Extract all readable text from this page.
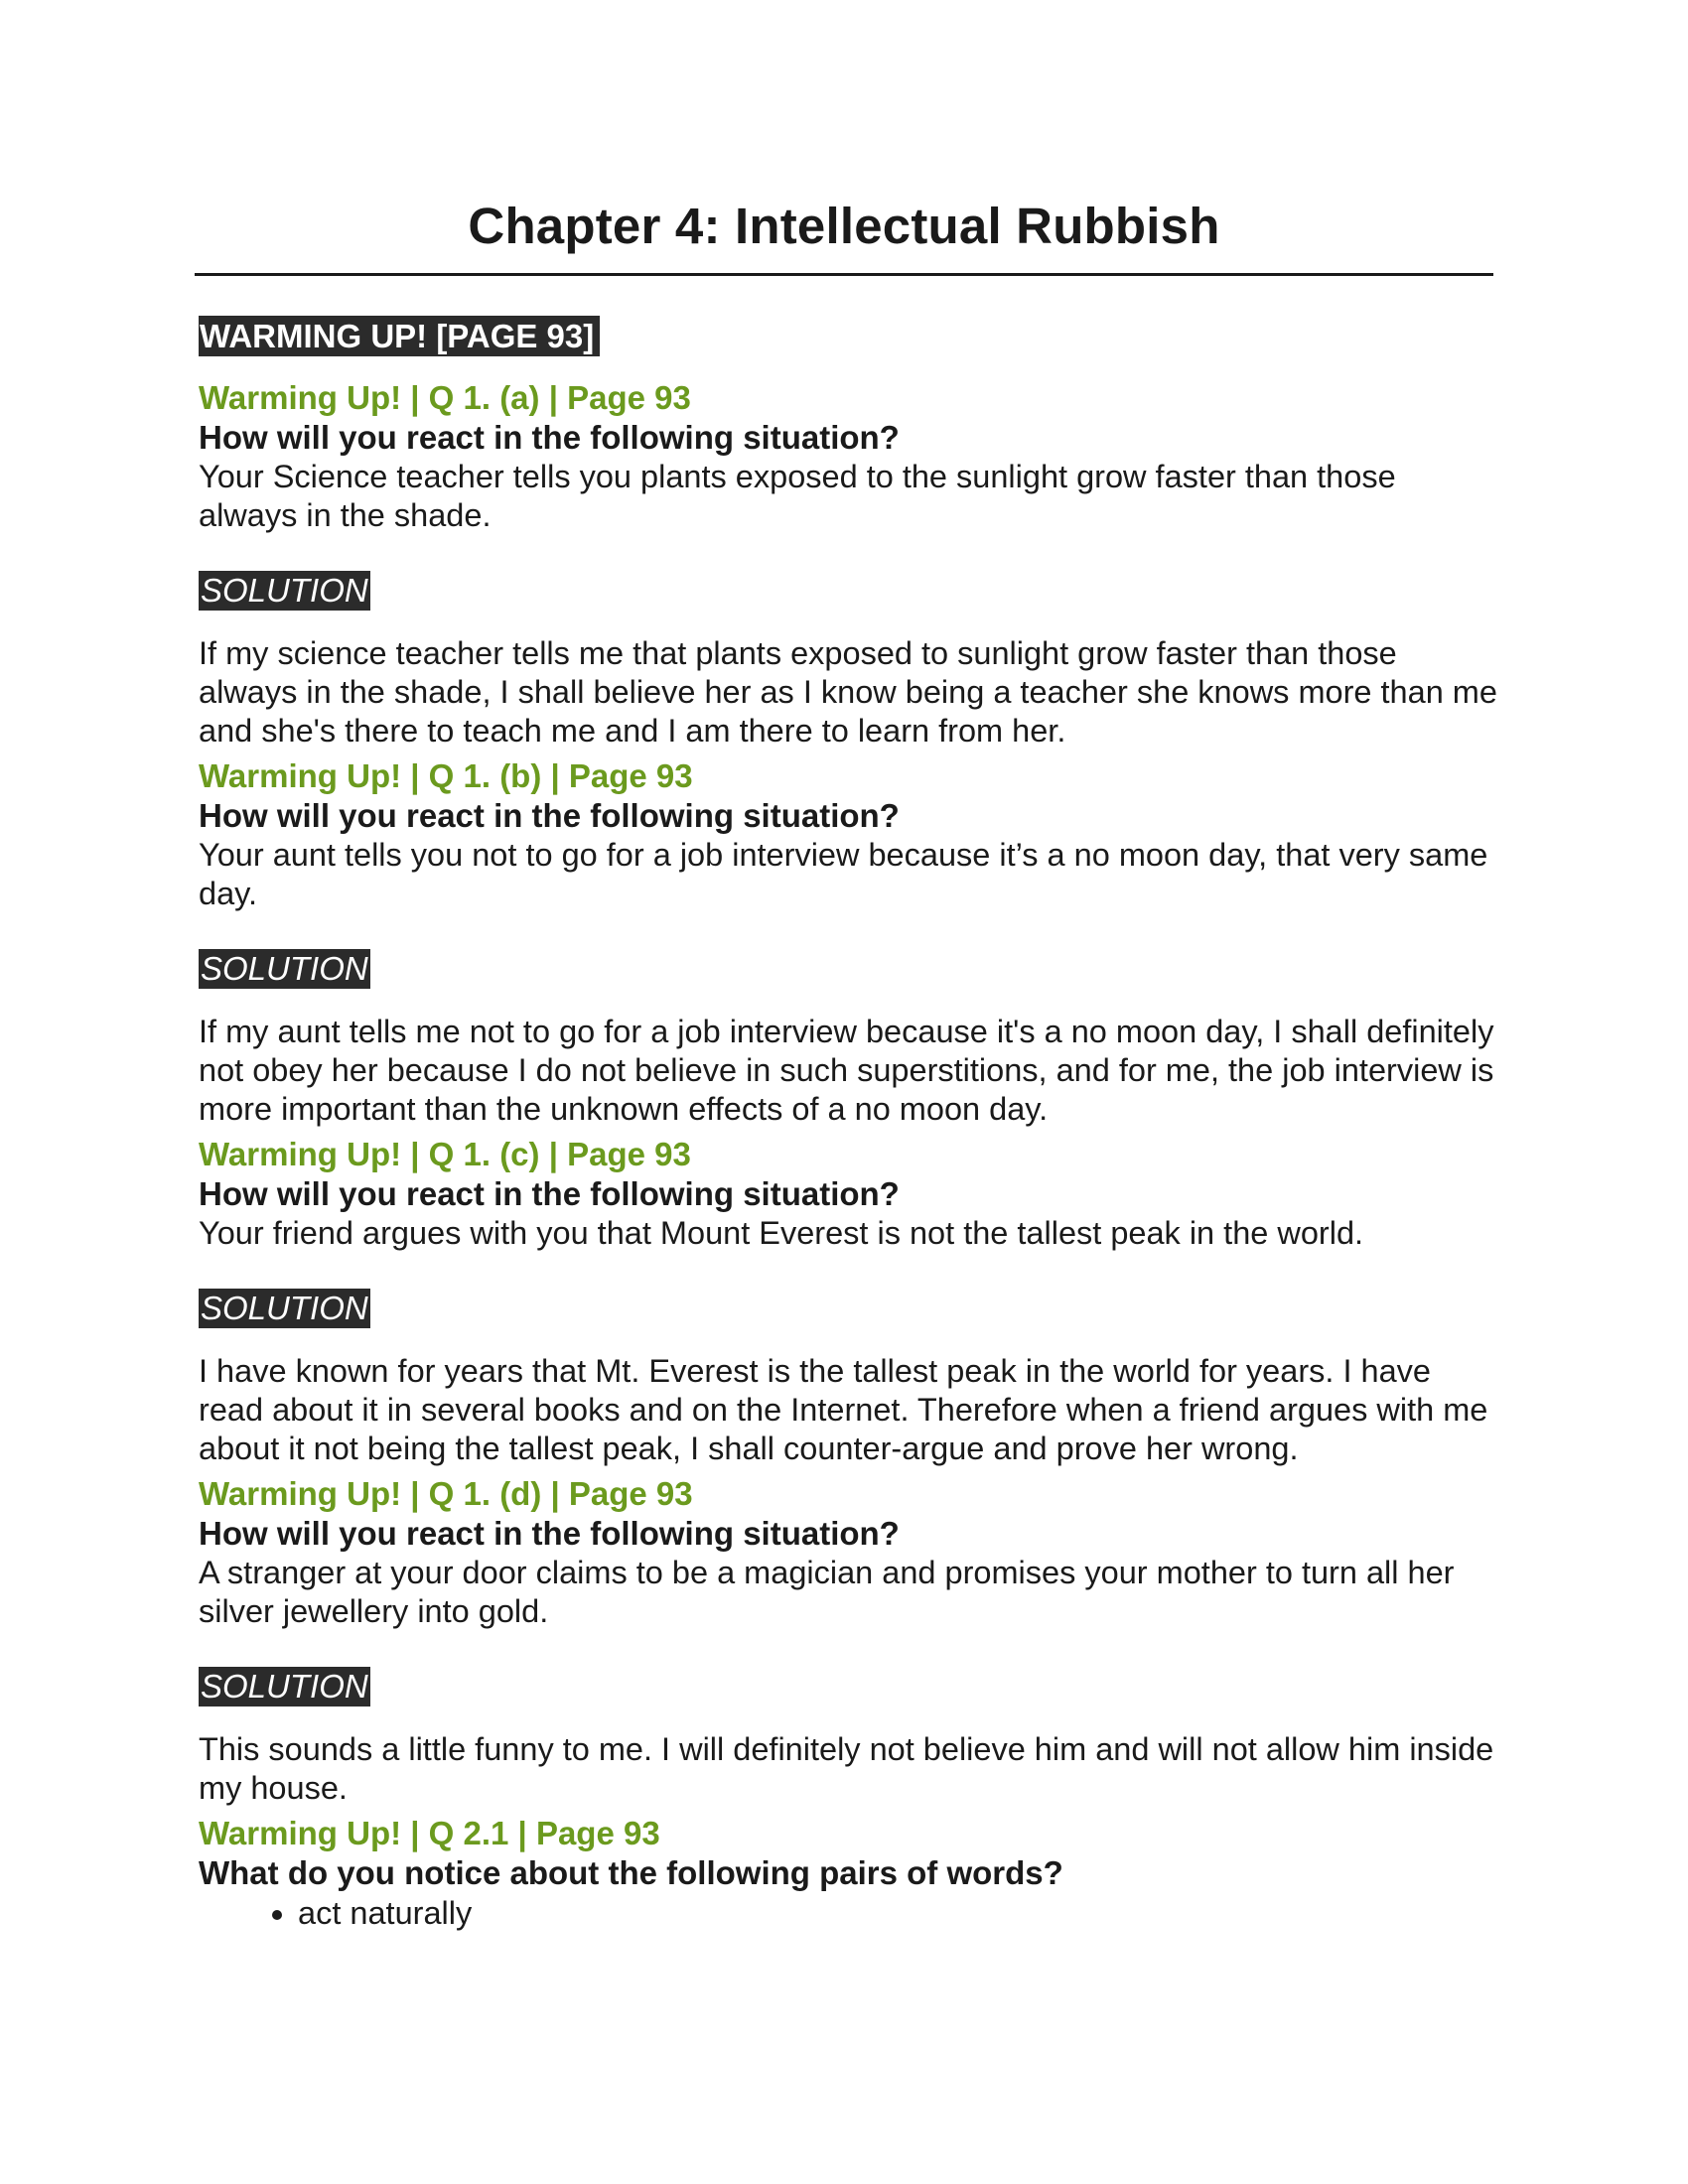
Chapter 4: Intellectual Rubbish
WARMING UP! [PAGE 93]
Warming Up! | Q 1. (a) | Page 93
How will you react in the following situation?
Your Science teacher tells you plants exposed to the sunlight grow faster than those always in the shade.
SOLUTION
If my science teacher tells me that plants exposed to sunlight grow faster than those always in the shade, I shall believe her as I know being a teacher she knows more than me and she's there to teach me and I am there to learn from her.
Warming Up! | Q 1. (b) | Page 93
How will you react in the following situation?
Your aunt tells you not to go for a job interview because it’s a no moon day, that very same day.
SOLUTION
If my aunt tells me not to go for a job interview because it's a no moon day, I shall definitely not obey her because I do not believe in such superstitions, and for me, the job interview is more important than the unknown effects of a no moon day.
Warming Up! | Q 1. (c) | Page 93
How will you react in the following situation?
Your friend argues with you that Mount Everest is not the tallest peak in the world.
SOLUTION
I have known for years that Mt. Everest is the tallest peak in the world for years. I have read about it in several books and on the Internet. Therefore when a friend argues with me about it not being the tallest peak, I shall counter-argue and prove her wrong.
Warming Up! | Q 1. (d) | Page 93
How will you react in the following situation?
A stranger at your door claims to be a magician and promises your mother to turn all her silver jewellery into gold.
SOLUTION
This sounds a little funny to me. I will definitely not believe him and will not allow him inside my house.
Warming Up! | Q 2.1 | Page 93
What do you notice about the following pairs of words?
• act naturally
